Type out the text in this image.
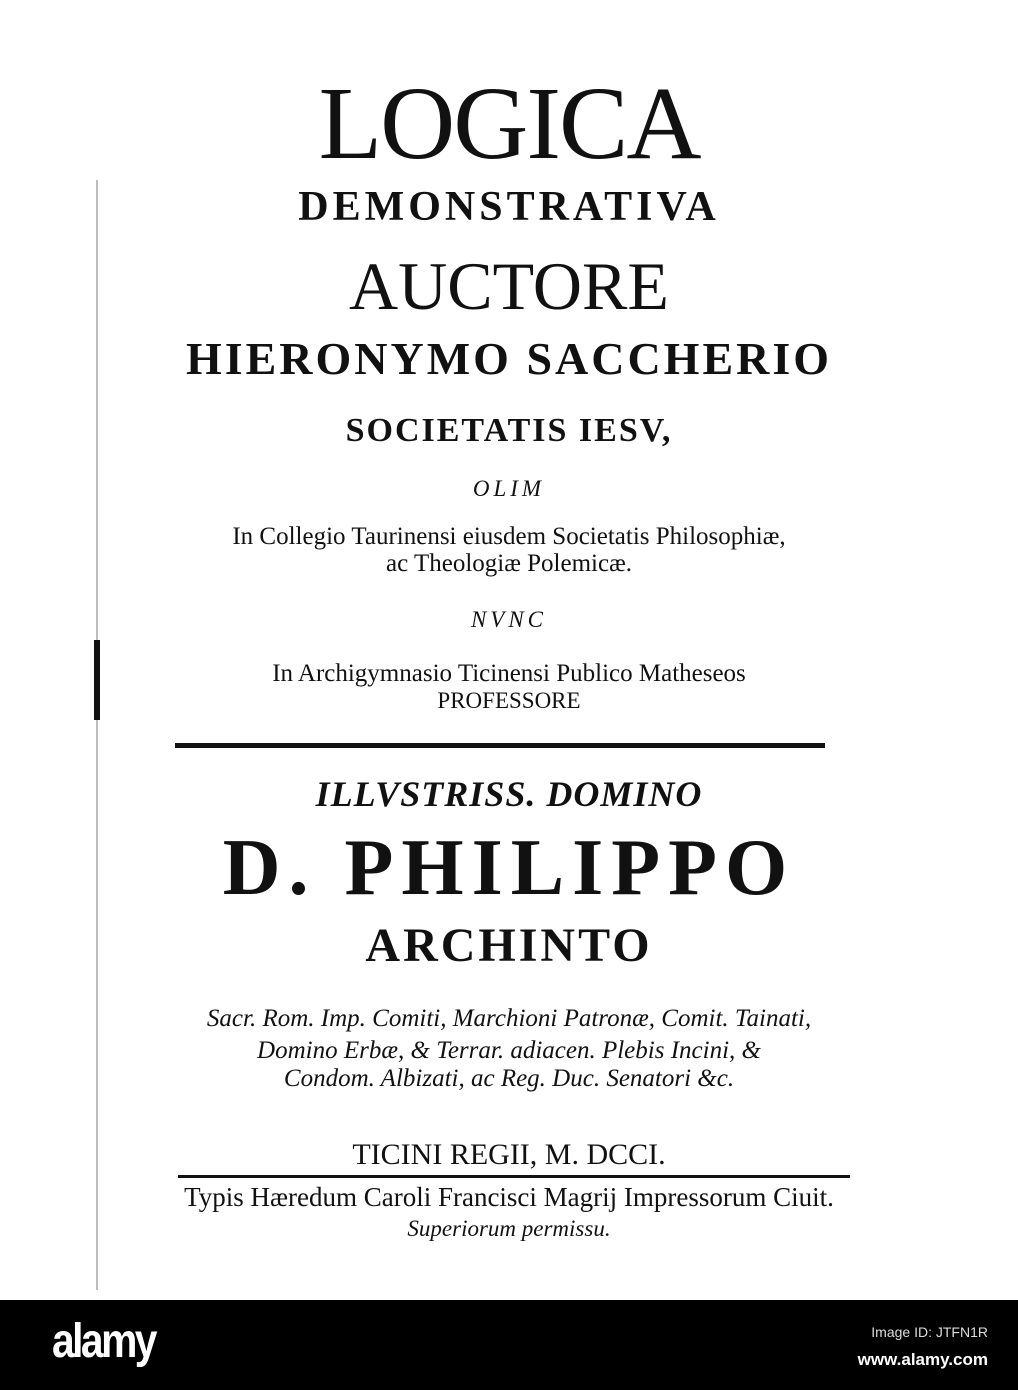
LOGICA
DEMONSTRATIVA
AUCTORE
HIERONYMO SACCHERIO
SOCIETATIS IESV,
OLIM
In Collegio Taurinensi eiusdem Societatis Philosophiæ,
ac Theologiæ Polemicæ.
NVNC
In Archigymnasio Ticinensi Publico Matheseos
PROFESSORE
ILLVSTRISS. DOMINO
D. PHILIPPO
ARCHINTO
Sacr. Rom. Imp. Comiti, Marchioni Patronæ, Comit. Tainati,
Domino Erbæ, & Terrar. adiacen. Plebis Incini, &
Condom. Albizati, ac Reg. Duc. Senatori &c.
TICINI REGII, M. DCCI.
Typis Hæredum Caroli Francisci Magrij Impressorum Ciuit.
Superiorum permissu.
alamy	Image ID: JTFN1R
www.alamy.com
